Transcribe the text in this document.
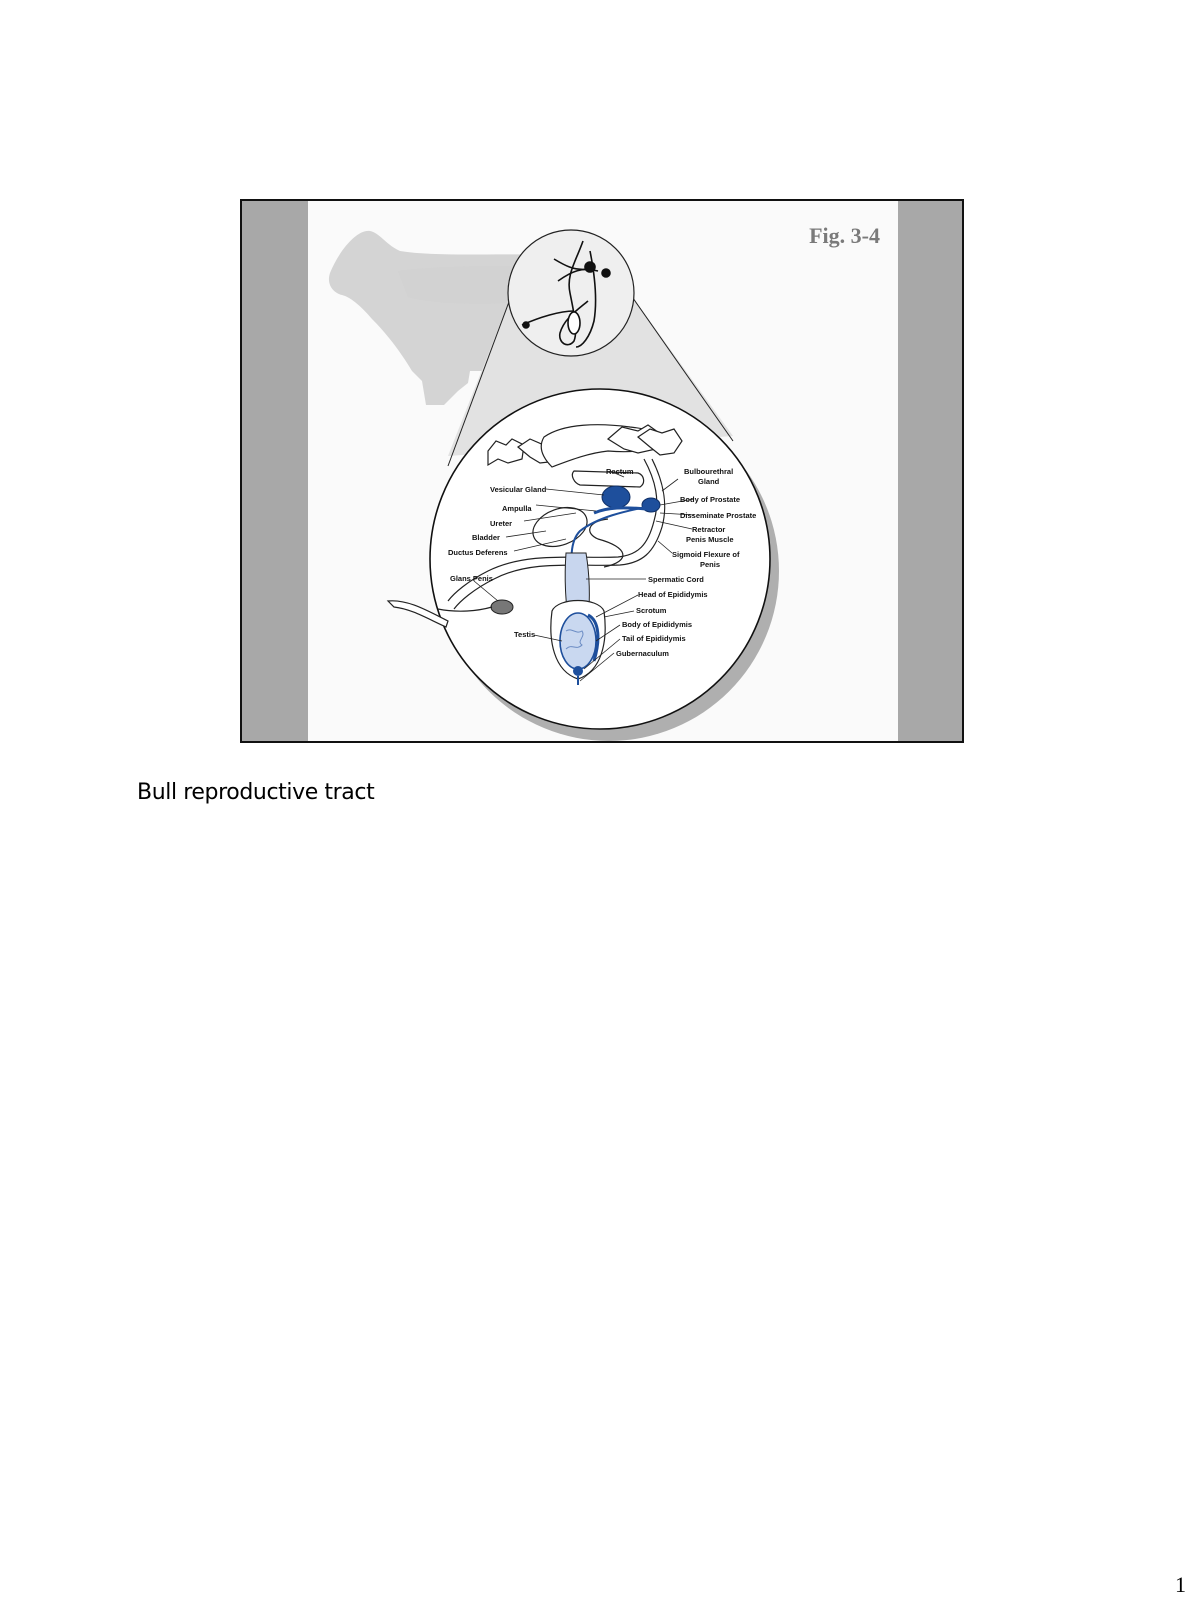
Rectum	Bulbourethral
Gland
Vesicular Gland
Body of Prostate
Ampulla
Disseminate Prostate
Ureter
Retractor
Penis Muscle
Bladder
Ductus Deferens	Sigmoid Flexure of
Penis
Glans Penis	Spermatic Cord
Head of Epididymis
Scrotum
Body of Epididymis
Testis	Tail of Epididymis
Gubernaculum
Fig. 3-4
Bull reproductive tract
1
